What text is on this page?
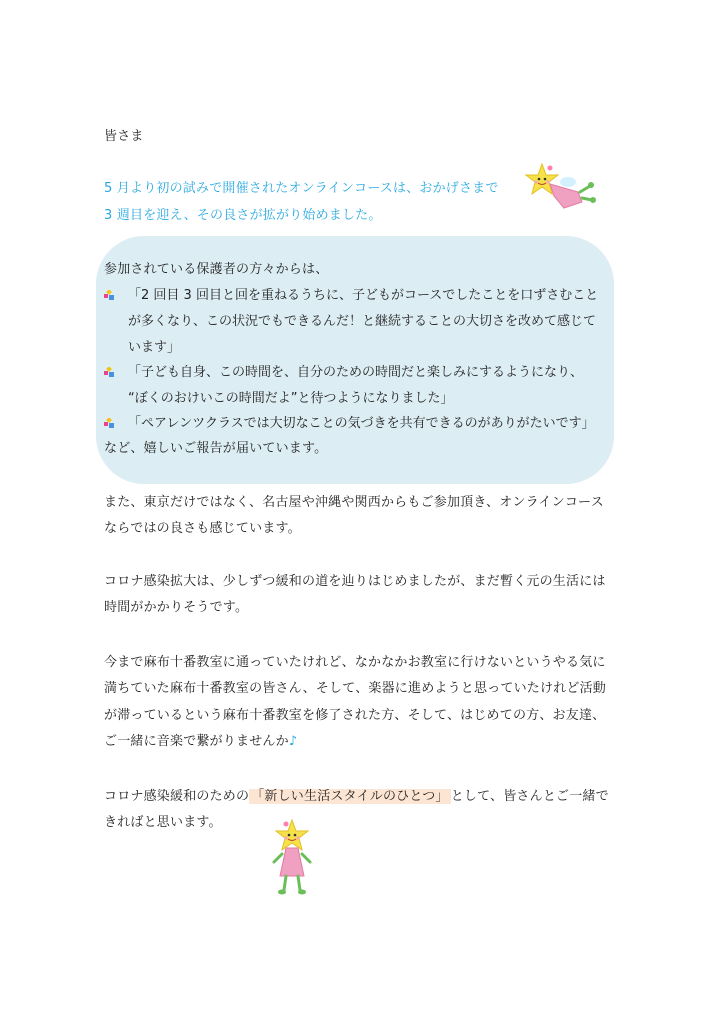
皆さま
5 月より初の試みで開催されたオンラインコースは、おかげさまで
3 週目を迎え、その良さが拡がり始めました。
参加されている保護者の方々からは、
「2 回目 3 回目と回を重ねるうちに、子どもがコースでしたことを口ずさむこと
が多くなり、この状況でもできるんだ！と継続することの大切さを改めて感じて
います」
「子ども自身、この時間を、自分のための時間だと楽しみにするようになり、
“ぼくのおけいこの時間だよ”と待つようになりました」
「ペアレンツクラスでは大切なことの気づきを共有できるのがありがたいです」
など、嬉しいご報告が届いています。
また、東京だけではなく、名古屋や沖縄や関西からもご参加頂き、オンラインコース
ならではの良さも感じています。
コロナ感染拡大は、少しずつ緩和の道を辿りはじめましたが、まだ暫く元の生活には
時間がかかりそうです。
今まで麻布十番教室に通っていたけれど、なかなかお教室に行けないというやる気に
満ちていた麻布十番教室の皆さん、そして、楽器に進めようと思っていたけれど活動
が滞っているという麻布十番教室を修了された方、そして、はじめての方、お友達、
ご一緒に音楽で繋がりませんか♪
コロナ感染緩和のための 「新しい生活スタイルのひとつ」 として、皆さんとご一緒で
きればと思います。
